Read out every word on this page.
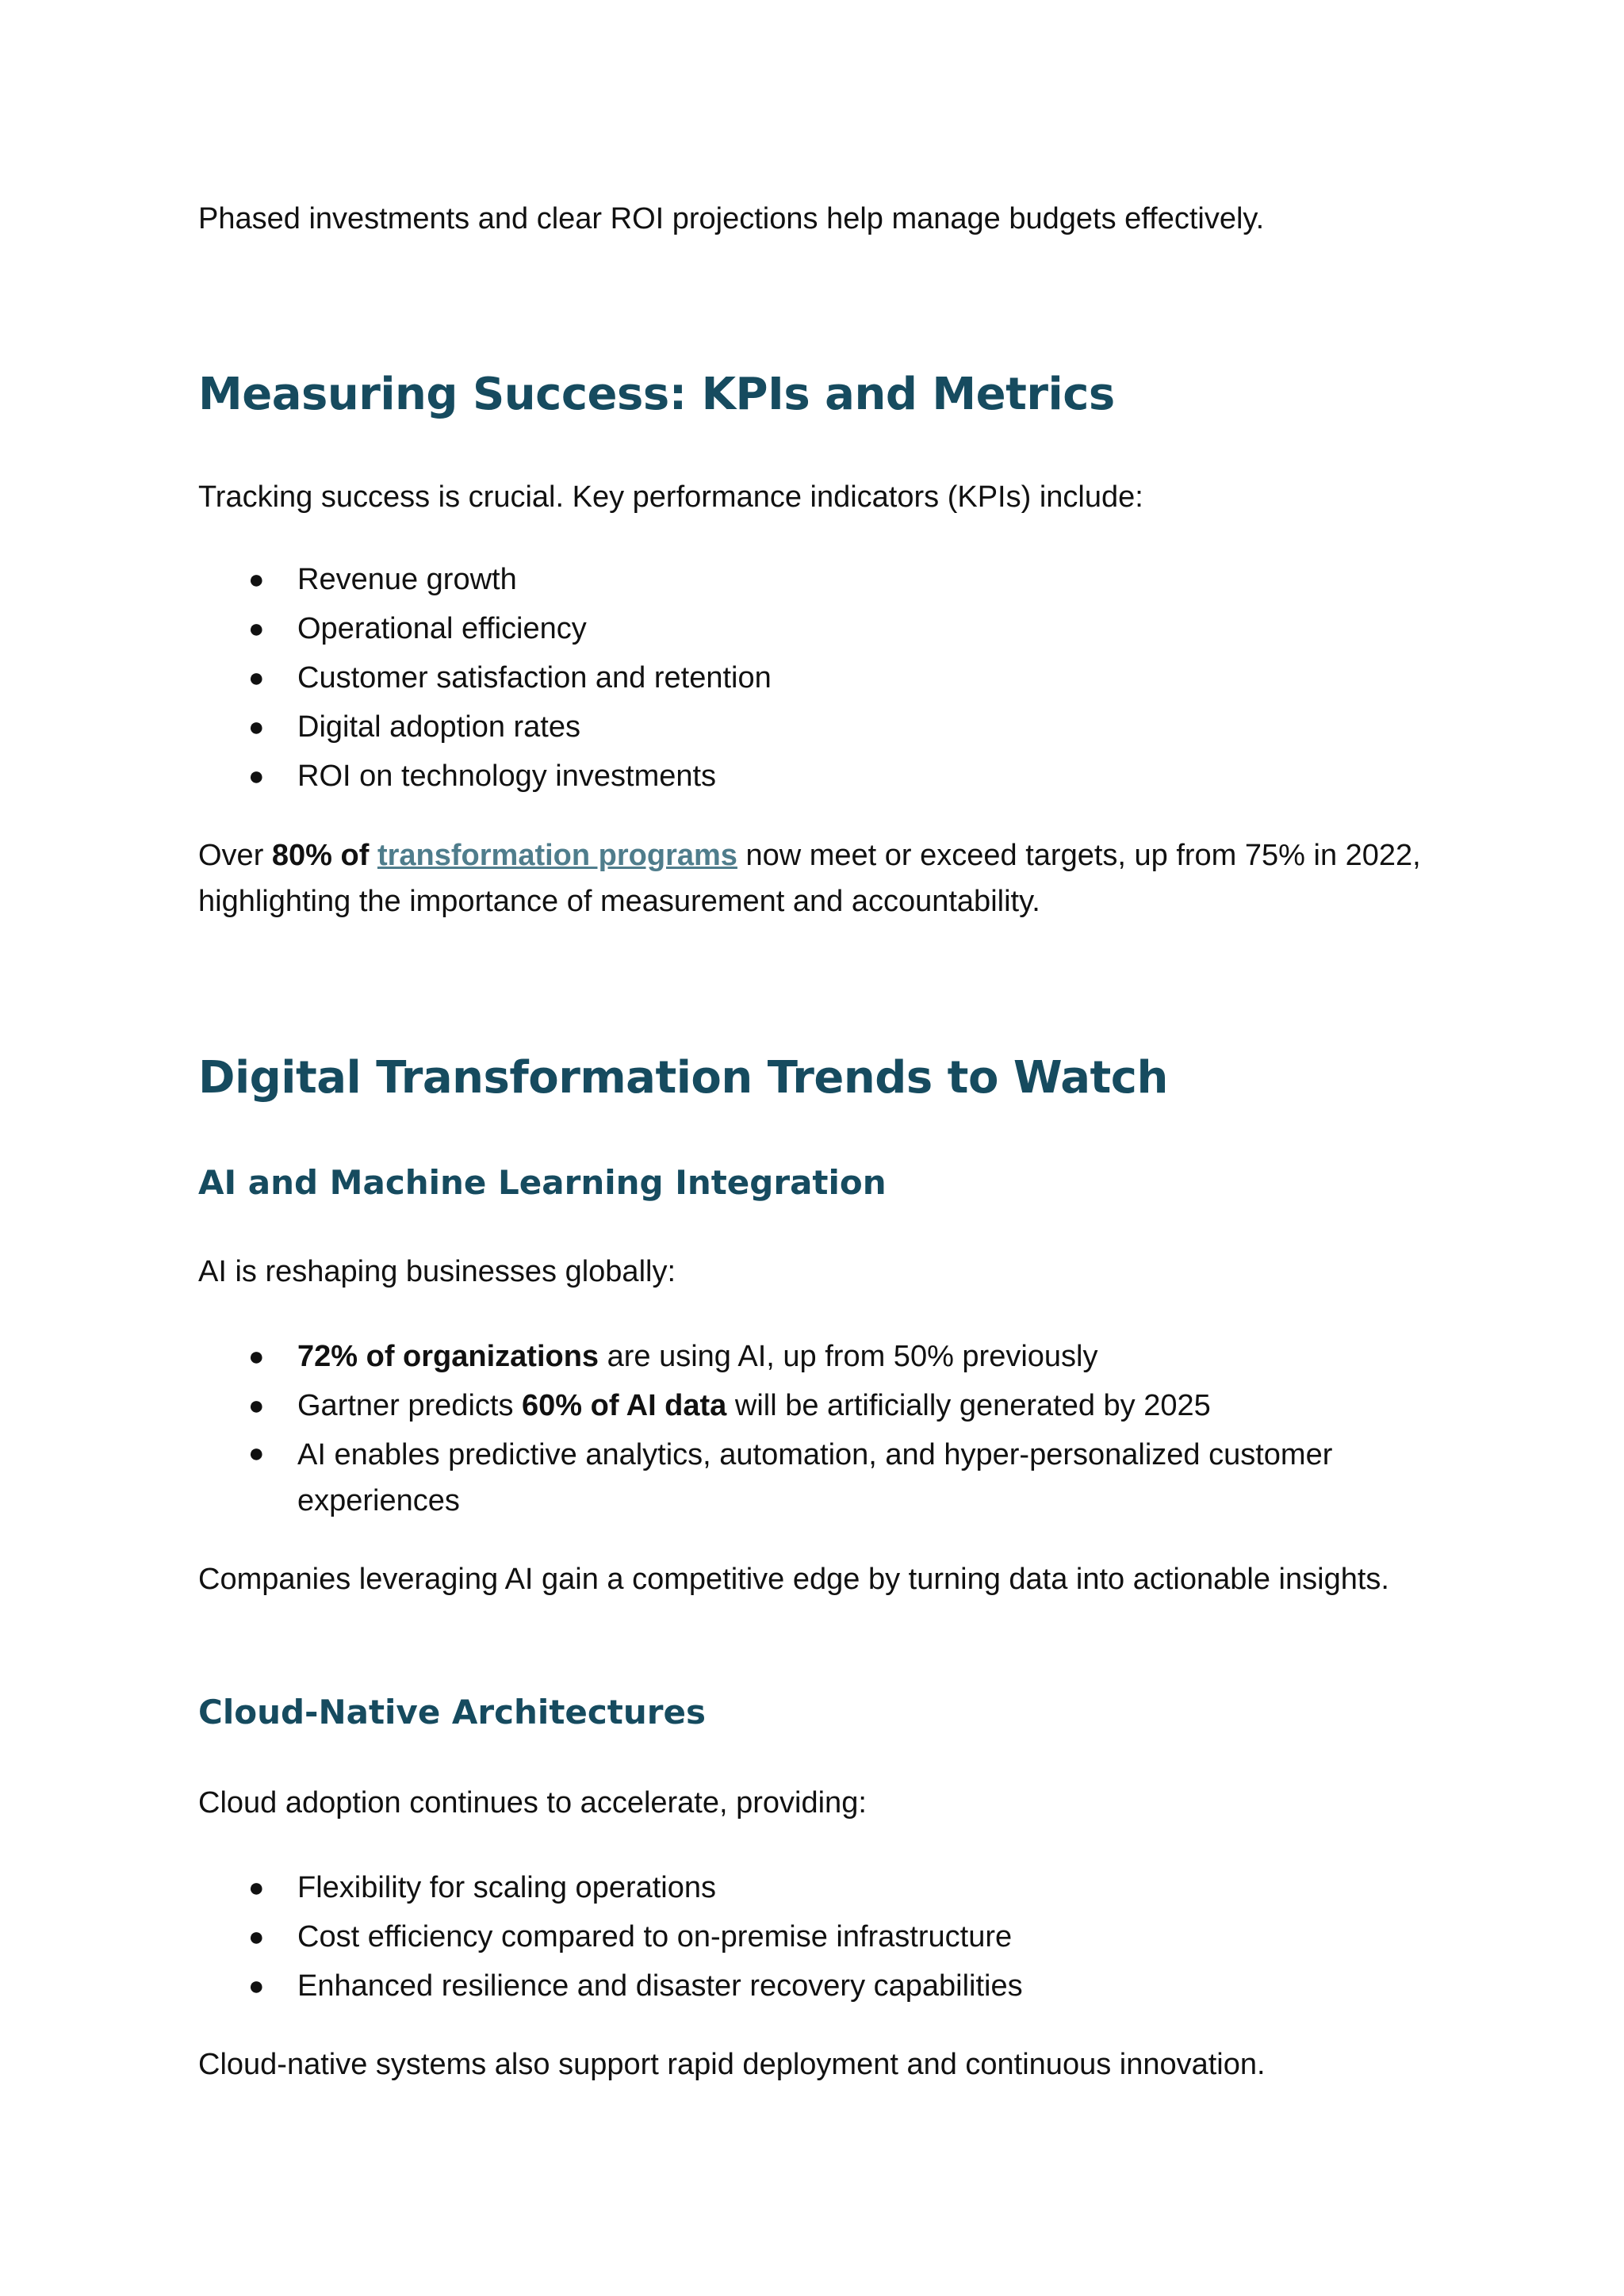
Phased investments and clear ROI projections help manage budgets effectively.

Measuring Success: KPIs and Metrics

Tracking success is crucial. Key performance indicators (KPIs) include:

● Revenue growth
● Operational efficiency
● Customer satisfaction and retention
● Digital adoption rates
● ROI on technology investments

Over 80% of transformation programs now meet or exceed targets, up from 75% in 2022, highlighting the importance of measurement and accountability.

Digital Transformation Trends to Watch
AI and Machine Learning Integration

AI is reshaping businesses globally:

● 72% of organizations are using AI, up from 50% previously
● Gartner predicts 60% of AI data will be artificially generated by 2025
● AI enables predictive analytics, automation, and hyper-personalized customer experiences

Companies leveraging AI gain a competitive edge by turning data into actionable insights.

Cloud-Native Architectures

Cloud adoption continues to accelerate, providing:

● Flexibility for scaling operations
● Cost efficiency compared to on-premise infrastructure
● Enhanced resilience and disaster recovery capabilities

Cloud-native systems also support rapid deployment and continuous innovation.
